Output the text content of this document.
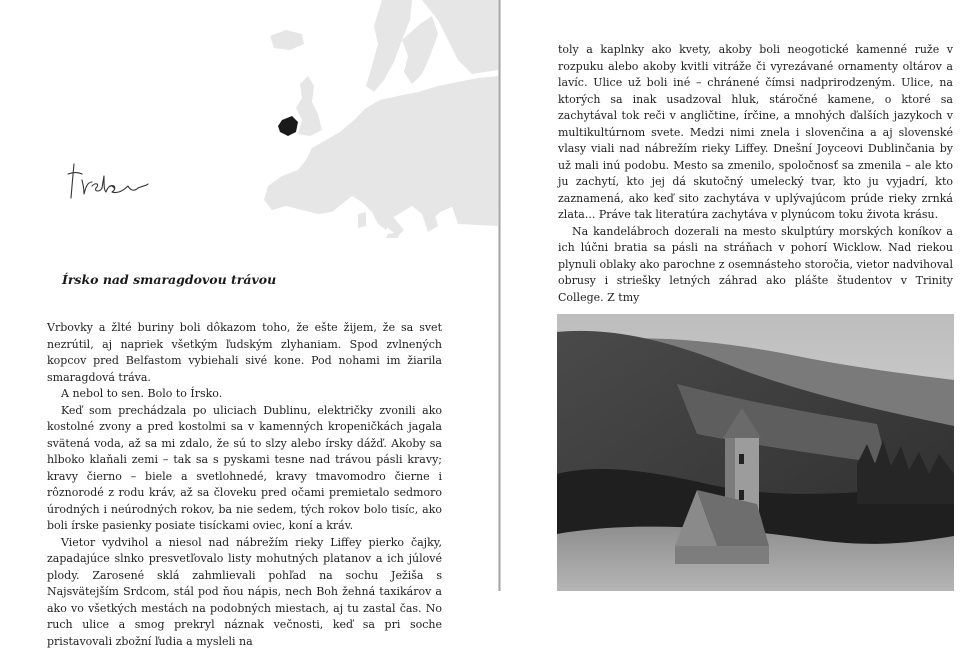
Írsko nad smaragdovou trávou

Vrbovky a žlté buriny boli dôkazom toho, že ešte žijem, že sa svet nezrútil, aj napriek všetkým ľudským zlyhaniam. Spod zvlnených kopcov pred Belfastom vybiehali sivé kone. Pod nohami im žiarila smaragdová tráva.

A nebol to sen. Bolo to Írsko.

Keď som prechádzala po uliciach Dublinu, električky zvonili ako kostolné zvony a pred kostolmi sa v kamenných kropeničkách jagala svätená voda, až sa mi zdalo, že sú to slzy alebo írsky dážď. Akoby sa hlboko klaňali zemi – tak sa s pyskami tesne nad trávou pásli kravy; kravy čierno – biele a svetlohnedé, kravy tmavomodro čierne i rôznorodé z rodu kráv, až sa človeku pred očami premietalo sedmoro úrodných i neúrodných rokov, ba nie sedem, tých rokov bolo tisíc, ako boli írske pasienky posiate tisíckami oviec, koní a kráv.

Vietor vydvihol a niesol nad nábrežím rieky Liffey pierko čajky, zapadajúce slnko presvetľovalo listy mohutných platanov a ich júlové plody. Zarosené sklá zahmlievali pohľad na sochu Ježiša s Najsvätejším Srdcom, stál pod ňou nápis, nech Boh žehná taxikárov a ako vo všetkých mestách na podobných miestach, aj tu zastal čas. No ruch ulice a smog prekryl náznak večnosti, keď sa pri soche pristavovali zbožní ľudia a mysleli na

toly a kaplnky ako kvety, akoby boli neogotické kamenné ruže v rozpuku alebo akoby kvitli vitráže či vyrezávané ornamenty oltárov a lavíc. Ulice už boli iné – chránené čímsi nadprirodzeným. Ulice, na ktorých sa inak usadzoval hluk, stáročné kamene, o ktoré sa zachytával tok reči v angličtine, írčine, a mnohých ďalších jazykoch v multikultúrnom svete. Medzi nimi znela i slovenčina a aj slovenské vlasy viali nad nábrežím rieky Liffey. Dnešní Joyceovi Dublinčania by už mali inú podobu. Mesto sa zmenilo, spoločnosť sa zmenila – ale kto ju zachytí, kto jej dá skutočný umelecký tvar, kto ju vyjadrí, kto zaznamená, ako keď sito zachytáva v uplývajúcom prúde rieky zrnká zlata... Práve tak literatúra zachytáva v plynúcom toku života krásu.

Na kandelábroch dozerali na mesto skulptúry morských koníkov a ich lúčni bratia sa pásli na stráňach v pohorí Wicklow. Nad riekou plynuli oblaky ako parochne z osemnásteho storočia, vietor nadvihoval obrusy i striešky letných záhrad ako plášte študentov v Trinity College. Z tmy
